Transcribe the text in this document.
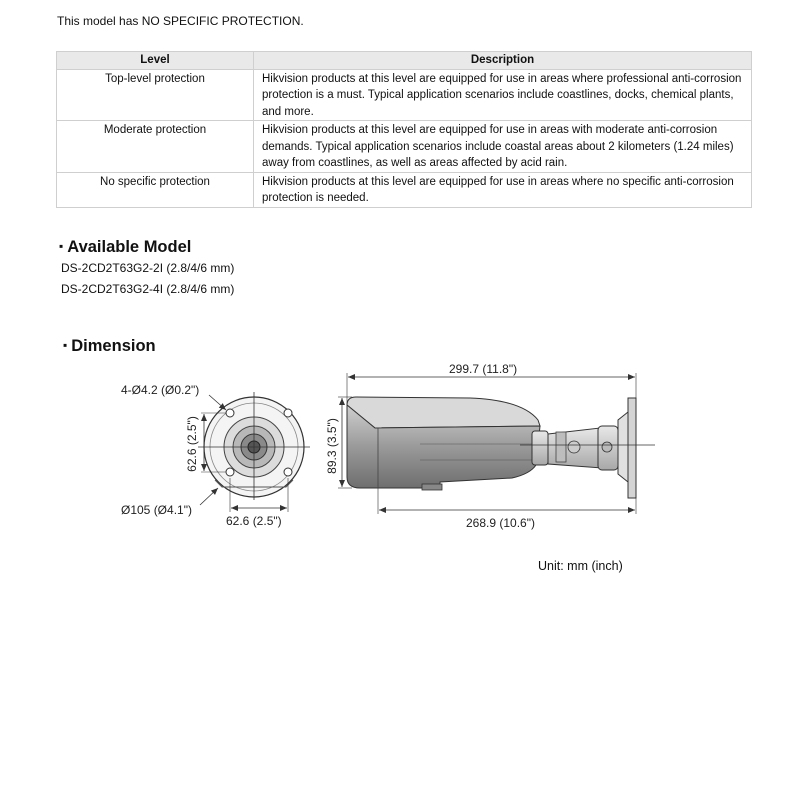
This model has NO SPECIFIC PROTECTION.
Level	Description
Top-level protection	Hikvision products at this level are equipped for use in areas where professional anti-corrosion protection is a must. Typical application scenarios include coastlines, docks, chemical plants, and more.
Moderate protection	Hikvision products at this level are equipped for use in areas with moderate anti-corrosion demands. Typical application scenarios include coastal areas about 2 kilometers (1.24 miles) away from coastlines, as well as areas affected by acid rain.
No specific protection	Hikvision products at this level are equipped for use in areas where no specific anti-corrosion protection is needed.
▪ Available Model
DS-2CD2T63G2-2I (2.8/4/6 mm)
DS-2CD2T63G2-4I (2.8/4/6 mm)
▪ Dimension
4-Ø4.2 (Ø0.2")
62.6 (2.5")
62.6 (2.5")
Ø105 (Ø4.1")
299.7 (11.8")
89.3 (3.5")
268.9 (10.6")
Unit: mm (inch)
